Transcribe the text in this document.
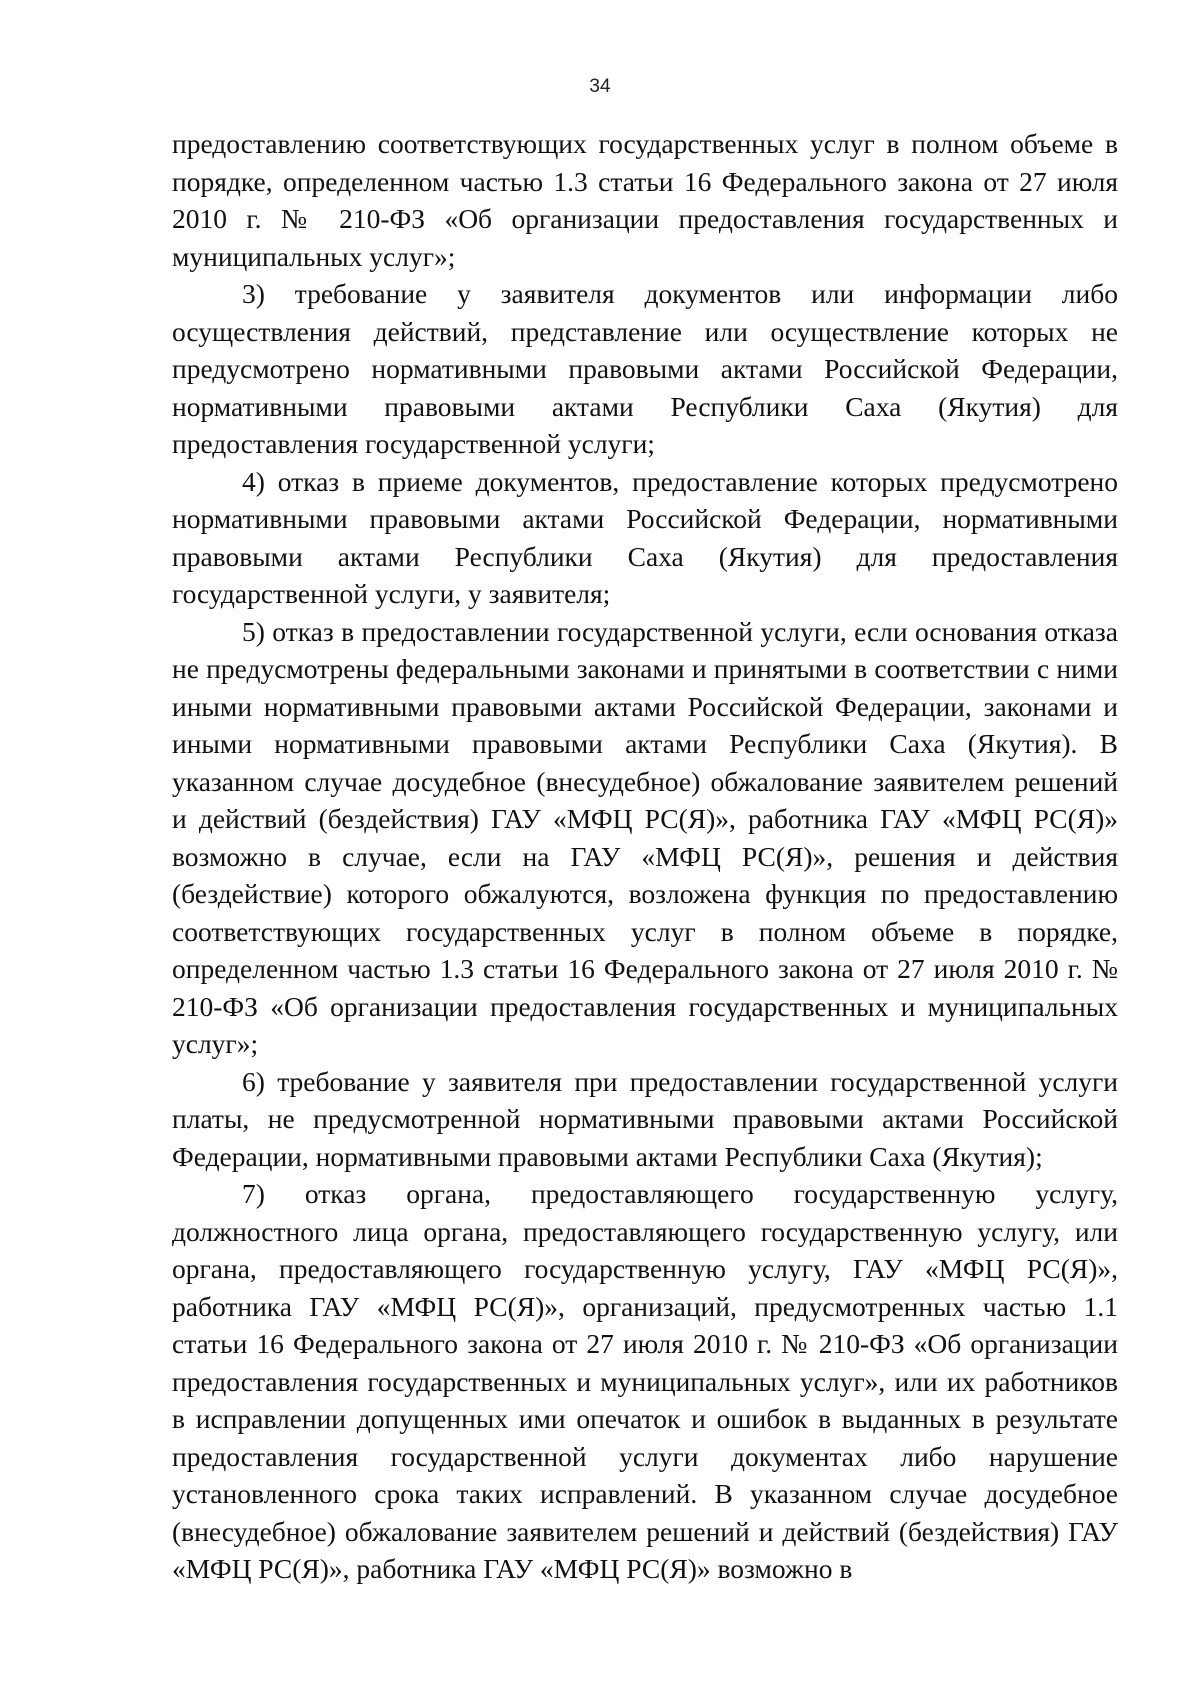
34

предоставлению соответствующих государственных услуг в полном объеме в порядке, определенном частью 1.3 статьи 16 Федерального закона от 27 июля 2010 г. № 210-ФЗ «Об организации предоставления государственных и муниципальных услуг»;

3) требование у заявителя документов или информации либо осуществления действий, представление или осуществление которых не предусмотрено нормативными правовыми актами Российской Федерации, нормативными правовыми актами Республики Саха (Якутия) для предоставления государственной услуги;

4) отказ в приеме документов, предоставление которых предусмотрено нормативными правовыми актами Российской Федерации, нормативными правовыми актами Республики Саха (Якутия) для предоставления государственной услуги, у заявителя;

5) отказ в предоставлении государственной услуги, если основания отказа не предусмотрены федеральными законами и принятыми в соответствии с ними иными нормативными правовыми актами Российской Федерации, законами и иными нормативными правовыми актами Республики Саха (Якутия). В указанном случае досудебное (внесудебное) обжалование заявителем решений и действий (бездействия) ГАУ «МФЦ РС(Я)», работника ГАУ «МФЦ РС(Я)» возможно в случае, если на ГАУ «МФЦ РС(Я)», решения и действия (бездействие) которого обжалуются, возложена функция по предоставлению соответствующих государственных услуг в полном объеме в порядке, определенном частью 1.3 статьи 16 Федерального закона от 27 июля 2010 г. № 210-ФЗ «Об организации предоставления государственных и муниципальных услуг»;

6) требование у заявителя при предоставлении государственной услуги платы, не предусмотренной нормативными правовыми актами Российской Федерации, нормативными правовыми актами Республики Саха (Якутия);

7) отказ органа, предоставляющего государственную услугу, должностного лица органа, предоставляющего государственную услугу, или органа, предоставляющего государственную услугу, ГАУ «МФЦ РС(Я)», работника ГАУ «МФЦ РС(Я)», организаций, предусмотренных частью 1.1 статьи 16 Федерального закона от 27 июля 2010 г. № 210-ФЗ «Об организации предоставления государственных и муниципальных услуг», или их работников в исправлении допущенных ими опечаток и ошибок в выданных в результате предоставления государственной услуги документах либо нарушение установленного срока таких исправлений. В указанном случае досудебное (внесудебное) обжалование заявителем решений и действий (бездействия) ГАУ «МФЦ РС(Я)», работника ГАУ «МФЦ РС(Я)» возможно в
